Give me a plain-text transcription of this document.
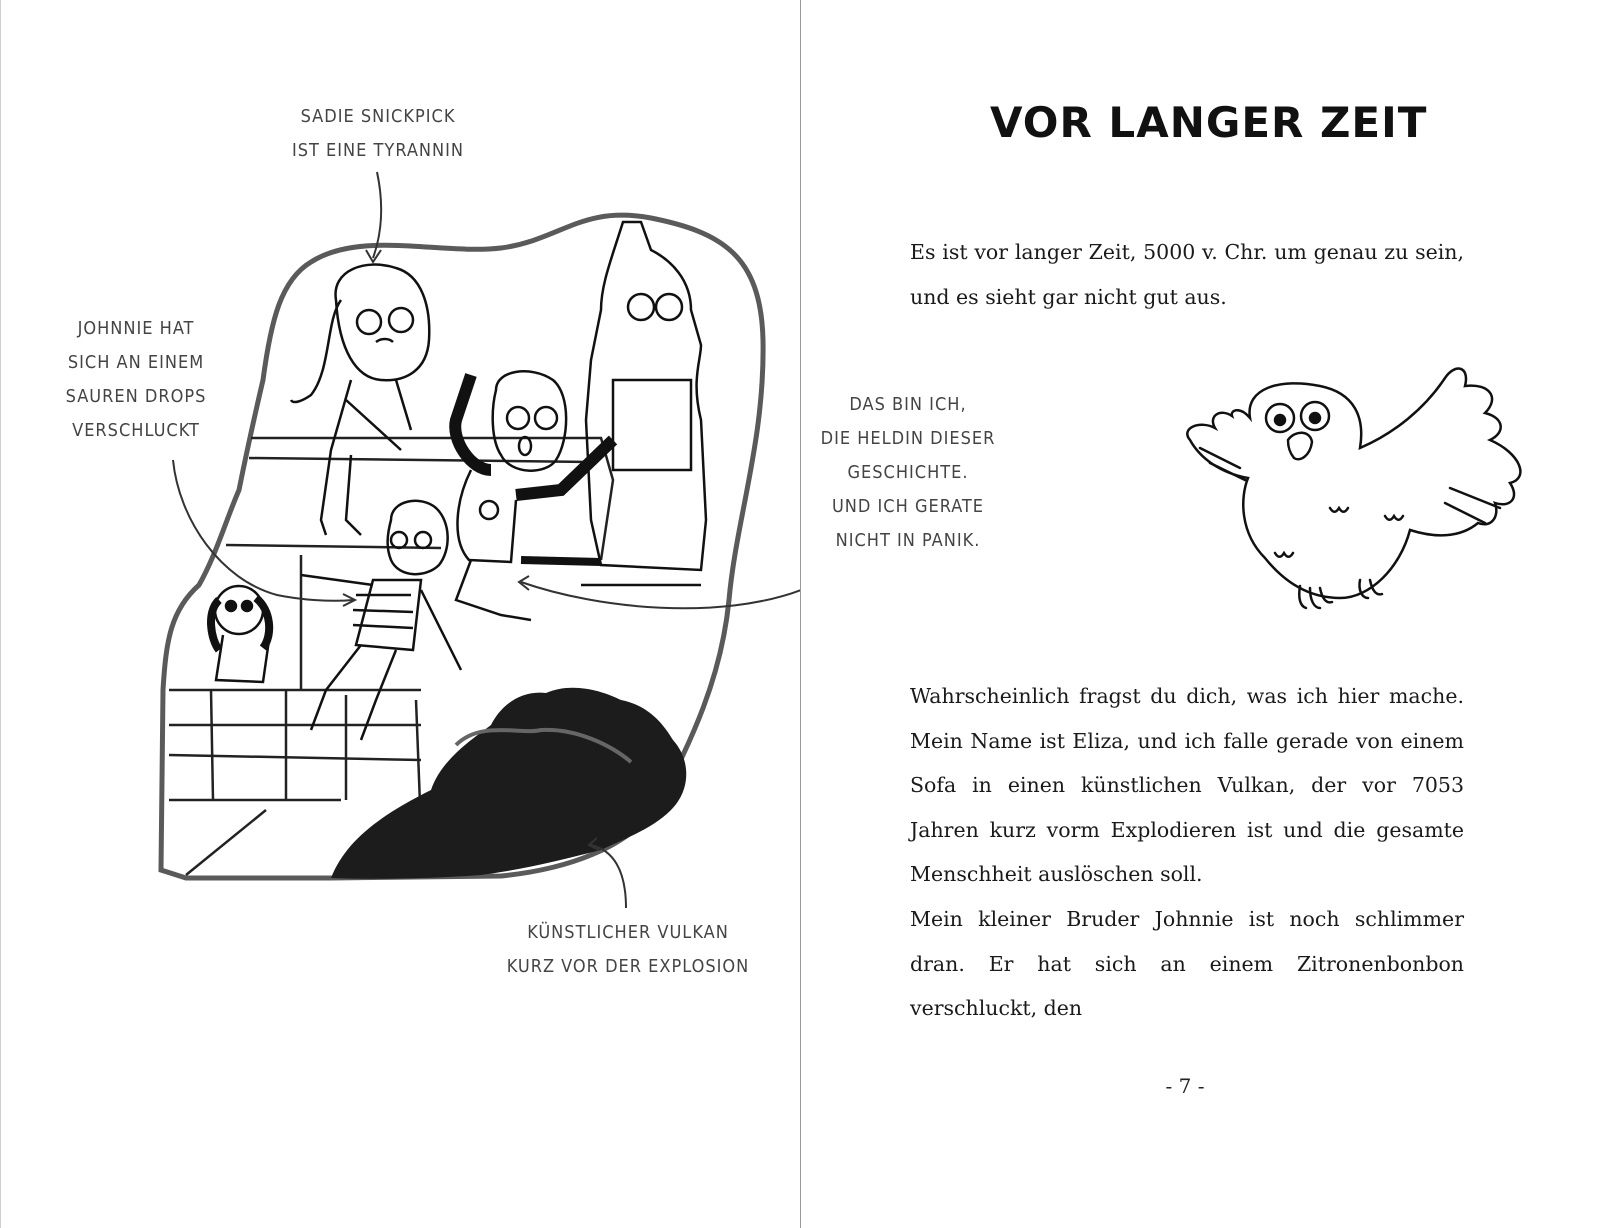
SADIE SNICKPICK
IST EINE TYRANNIN
JOHNNIE HAT
SICH AN EINEM
SAUREN DROPS
VERSCHLUCKT
KÜNSTLICHER VULKAN
KURZ VOR DER EXPLOSION
DAS BIN ICH,
DIE HELDIN DIESER
GESCHICHTE.
UND ICH GERATE
NICHT IN PANIK.
VOR LANGER ZEIT

Es ist vor langer Zeit, 5000 v. Chr. um genau zu sein, und es sieht gar nicht gut aus.

Wahrscheinlich fragst du dich, was ich hier mache. Mein Name ist Eliza, und ich falle gerade von einem Sofa in einen künstlichen Vulkan, der vor 7053 Jahren kurz vorm Explodieren ist und die gesamte Menschheit auslöschen soll.

Mein kleiner Bruder Johnnie ist noch schlimmer dran. Er hat sich an einem Zitronenbonbon verschluckt, den

- 7 -
